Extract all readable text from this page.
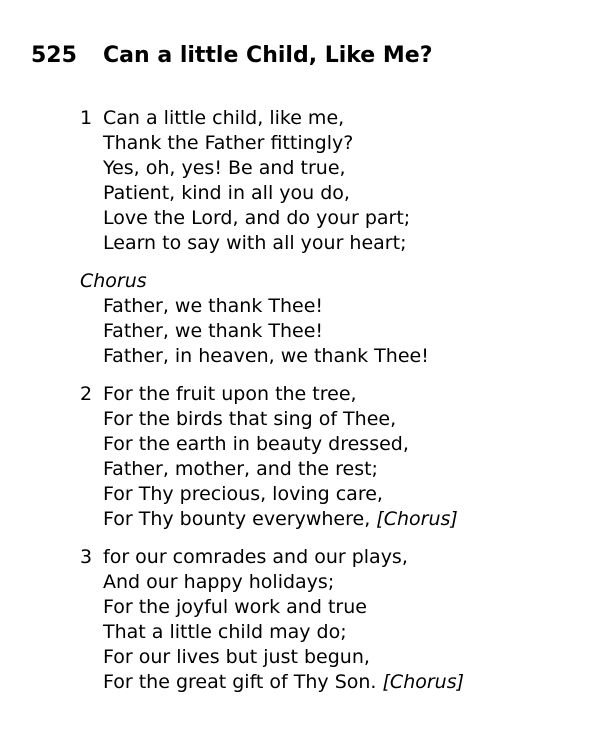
525 Can a little Child, Like Me?
1 Can a little child, like me,
Thank the Father fittingly?
Yes, oh, yes! Be and true,
Patient, kind in all you do,
Love the Lord, and do your part;
Learn to say with all your heart;
Chorus
Father, we thank Thee!
Father, we thank Thee!
Father, in heaven, we thank Thee!
2 For the fruit upon the tree,
For the birds that sing of Thee,
For the earth in beauty dressed,
Father, mother, and the rest;
For Thy precious, loving care,
For Thy bounty everywhere, [Chorus]
3 for our comrades and our plays,
And our happy holidays;
For the joyful work and true
That a little child may do;
For our lives but just begun,
For the great gift of Thy Son. [Chorus]
